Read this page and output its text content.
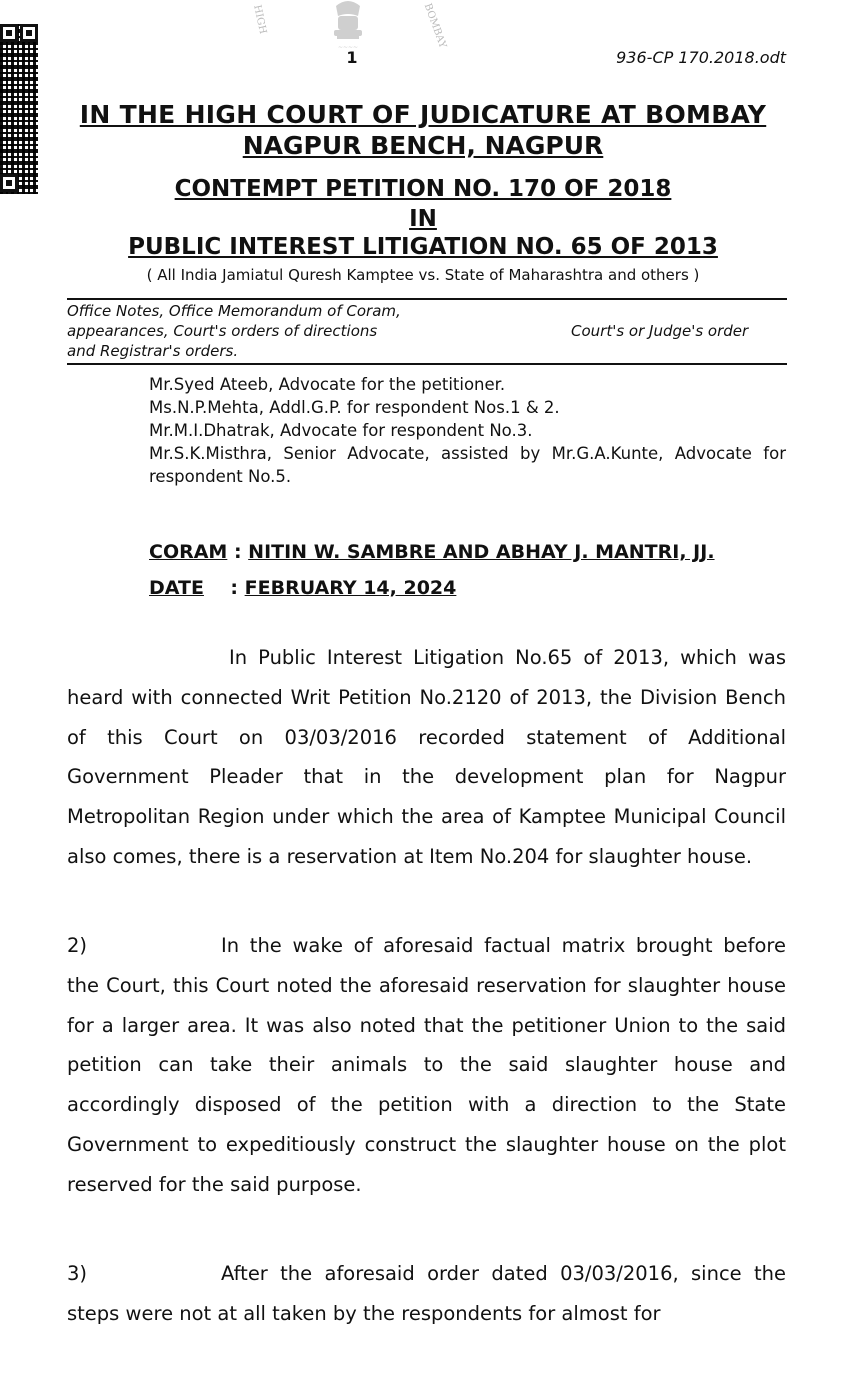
~~~~
HIGH	BOMBAY
1	936-CP 170.2018.odt
IN THE HIGH COURT OF JUDICATURE AT BOMBAY
NAGPUR BENCH, NAGPUR
CONTEMPT PETITION NO. 170 OF 2018
IN
PUBLIC INTEREST LITIGATION NO. 65 OF 2013
( All India Jamiatul Quresh Kamptee vs. State of Maharashtra and others )
Office Notes, Office Memorandum of Coram,
appearances, Court's orders of directions
and Registrar's orders.
Court's or Judge's order
Mr.Syed Ateeb, Advocate for the petitioner.
Ms.N.P.Mehta, Addl.G.P. for respondent Nos.1 & 2.
Mr.M.I.Dhatrak, Advocate for respondent No.3.
Mr.S.K.Misthra, Senior Advocate, assisted by Mr.G.A.Kunte, Advocate for respondent No.5.
CORAM : NITIN W. SAMBRE AND ABHAY J. MANTRI, JJ.
DATE    : FEBRUARY 14, 2024
In Public Interest Litigation No.65 of 2013, which was heard with connected Writ Petition No.2120 of 2013, the Division Bench of this Court on 03/03/2016 recorded statement of Additional Government Pleader that in the development plan for Nagpur Metropolitan Region under which the area of Kamptee Municipal Council also comes, there is a reservation at Item No.204 for slaughter house.
2)	In the wake of aforesaid factual matrix brought before the Court, this Court noted the aforesaid reservation for slaughter house for a larger area. It was also noted that the petitioner Union to the said petition can take their animals to the said slaughter house and accordingly disposed of the petition with a direction to the State Government to expeditiously construct the slaughter house on the plot reserved for the said purpose.
3)	After the aforesaid order dated 03/03/2016, since the steps were not at all taken by the respondents for almost for
